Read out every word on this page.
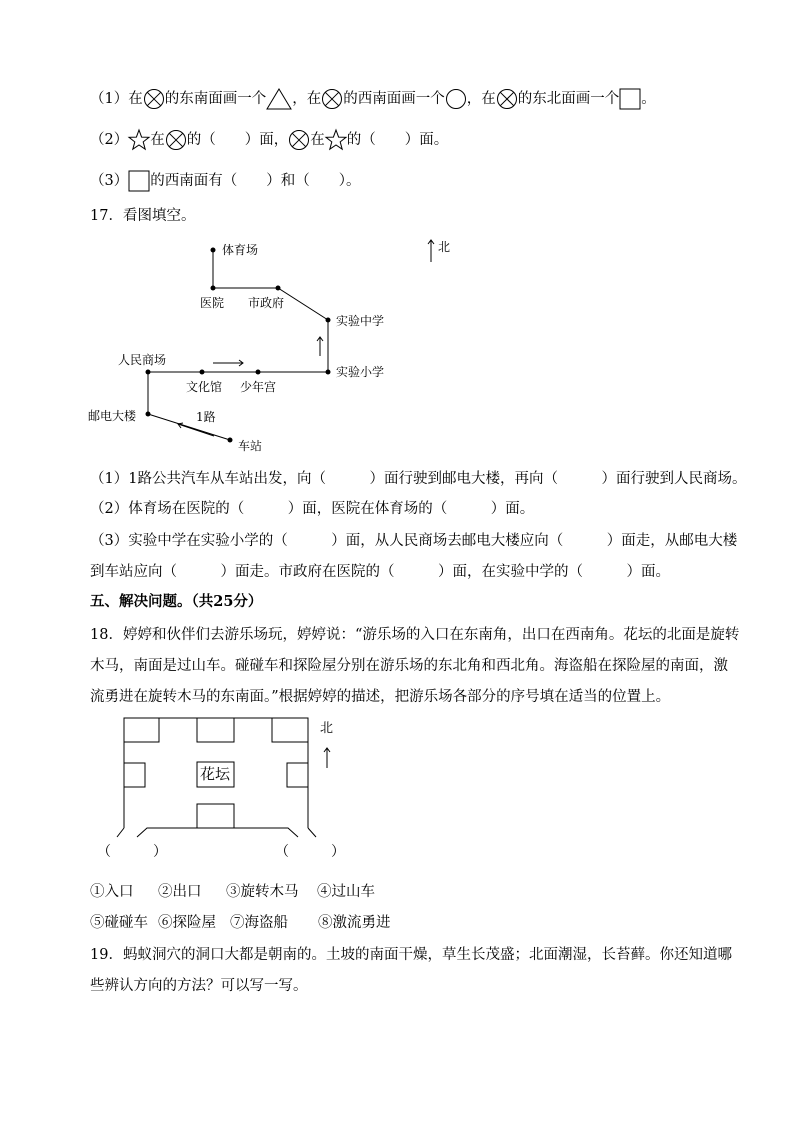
（1）在 的东南面画一个 ，在 的西南面画一个 ，在 的东北面画一个 。
（2） 在 的（　　）面， 在 的（　　）面。
（3） 的西南面有（　　）和（　　）。
17．看图填空。
北
体育场
医院 市政府
实验中学
人民商场
文化馆 少年宫
实验小学
邮电大楼	1路
车站
（1）1路公共汽车从车站出发，向（　　　）面行驶到邮电大楼，再向（　　　）面行驶到人民商场。
（2）体育场在医院的（　　　）面，医院在体育场的（　　　）面。
（3）实验中学在实验小学的（　　　）面，从人民商场去邮电大楼应向（　　　）面走，从邮电大楼
到车站应向（　　　）面走。市政府在医院的（　　　）面，在实验中学的（　　　）面。
五、解决问题。（共25分）
18．婷婷和伙伴们去游乐场玩，婷婷说：“游乐场的入口在东南角，出口在西南角。花坛的北面是旋转
木马，南面是过山车。碰碰车和探险屋分别在游乐场的东北角和西北角。海盗船在探险屋的南面，激
流勇进在旋转木马的东南面。”根据婷婷的描述，把游乐场各部分的序号填在适当的位置上。
花坛
北
（　　　）	（　　　）
①入口 ②出口 ③旋转木马 ④过山车
⑤碰碰车 ⑥探险屋 ⑦海盗船 ⑧激流勇进
19．蚂蚁洞穴的洞口大都是朝南的。土坡的南面干燥，草生长茂盛；北面潮湿，长苔藓。你还知道哪
些辨认方向的方法？可以写一写。
